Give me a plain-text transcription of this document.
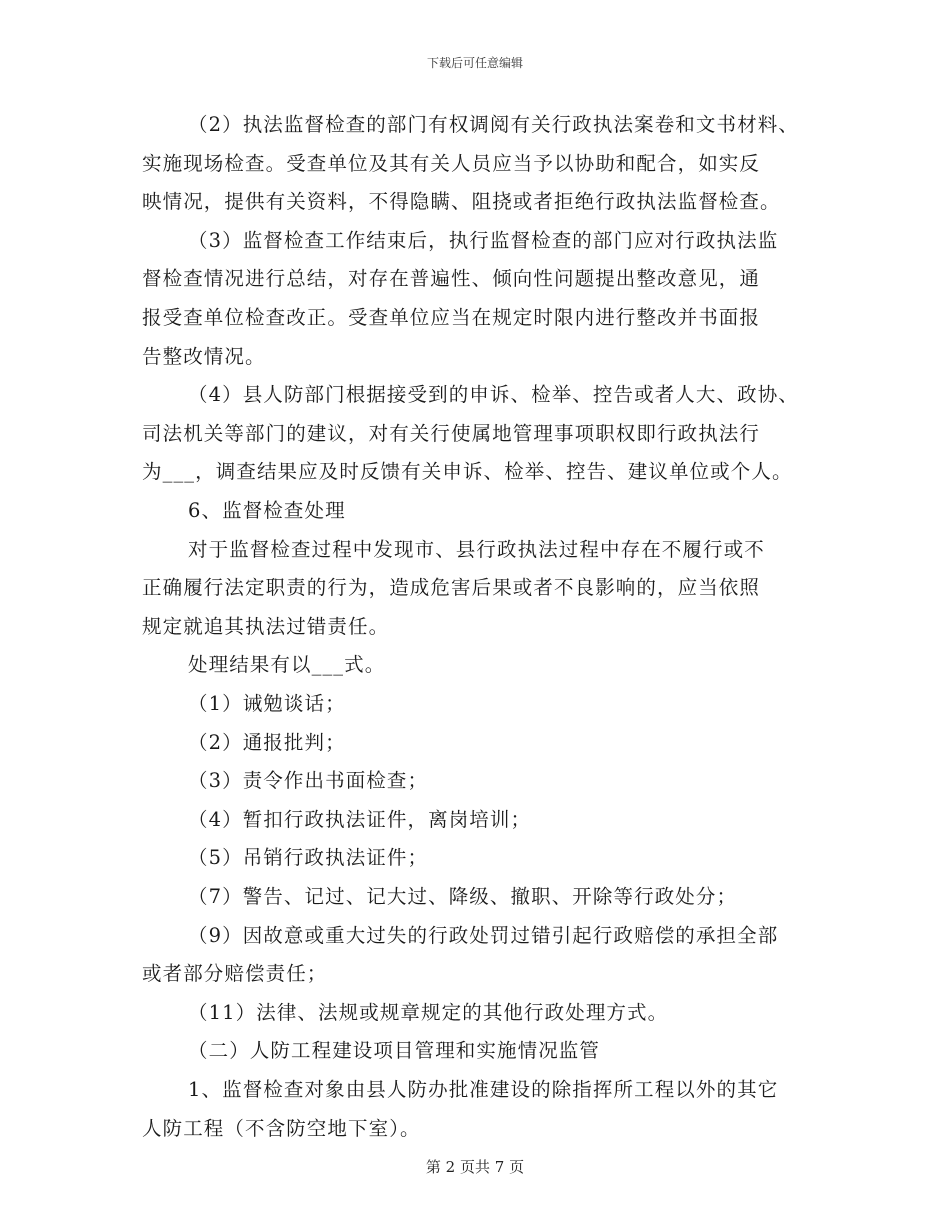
下载后可任意编辑
（2）执法监督检查的部门有权调阅有关行政执法案卷和文书材料、
实施现场检查。受查单位及其有关人员应当予以协助和配合，如实反
映情况，提供有关资料，不得隐瞒、阻挠或者拒绝行政执法监督检查。
（3）监督检查工作结束后，执行监督检查的部门应对行政执法监
督检查情况进行总结，对存在普遍性、倾向性问题提出整改意见，通
报受查单位检查改正。受查单位应当在规定时限内进行整改并书面报
告整改情况。
（4）县人防部门根据接受到的申诉、检举、控告或者人大、政协、
司法机关等部门的建议，对有关行使属地管理事项职权即行政执法行
为___，调查结果应及时反馈有关申诉、检举、控告、建议单位或个人。
6、监督检查处理
对于监督检查过程中发现市、县行政执法过程中存在不履行或不
正确履行法定职责的行为，造成危害后果或者不良影响的，应当依照
规定就追其执法过错责任。
处理结果有以___式。
（1）诫勉谈话；
（2）通报批判；
（3）责令作出书面检查；
（4）暂扣行政执法证件，离岗培训；
（5）吊销行政执法证件；
（7）警告、记过、记大过、降级、撤职、开除等行政处分；
（9）因故意或重大过失的行政处罚过错引起行政赔偿的承担全部
或者部分赔偿责任；
（11）法律、法规或规章规定的其他行政处理方式。
（二）人防工程建设项目管理和实施情况监管
1、监督检查对象由县人防办批准建设的除指挥所工程以外的其它
人防工程（不含防空地下室）。
第 2 页共 7 页
